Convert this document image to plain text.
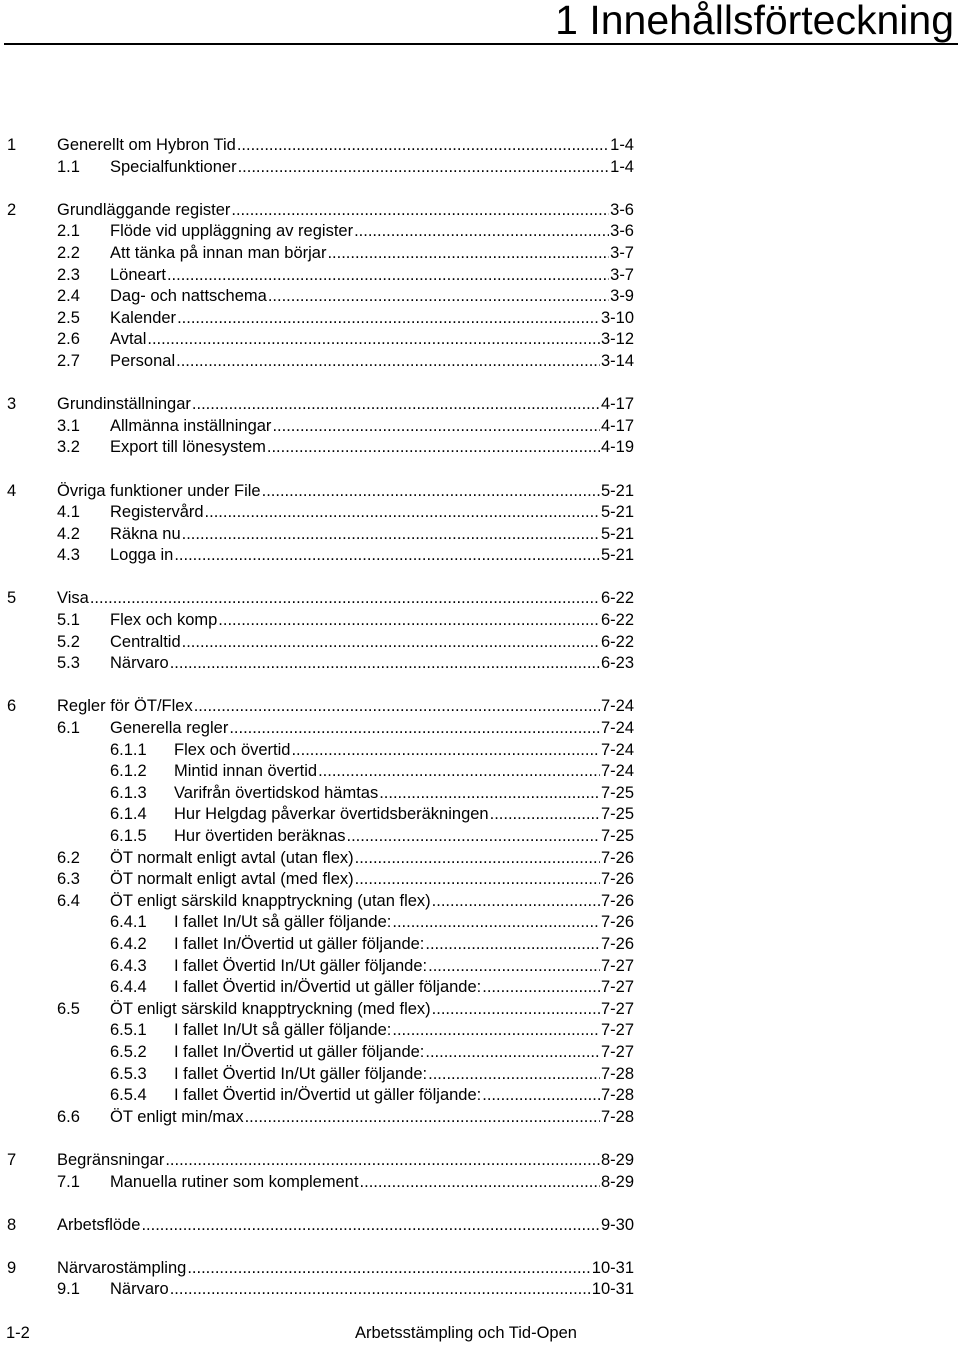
1 Innehållsförteckning
1 Generellt om Hybron Tid .....	1-4
1.1 Specialfunktioner .....	1-4
2 Grundläggande register .....	3-6
2.1 Flöde vid uppläggning av register .....	3-6
2.2 Att tänka på innan man börjar .....	3-7
2.3 Löneart .....	3-7
2.4 Dag- och nattschema .....	3-9
2.5 Kalender .....	3-10
2.6 Avtal .....	3-12
2.7 Personal .....	3-14
3 Grundinställningar .....	4-17
3.1 Allmänna inställningar .....	4-17
3.2 Export till lönesystem .....	4-19
4 Övriga funktioner under File .....	5-21
4.1 Registervård .....	5-21
4.2 Räkna nu .....	5-21
4.3 Logga in .....	5-21
5 Visa .....	6-22
5.1 Flex och komp .....	6-22
5.2 Centraltid .....	6-22
5.3 Närvaro .....	6-23
6 Regler för ÖT/Flex .....	7-24
6.1 Generella regler .....	7-24
6.1.1 Flex och övertid .....	7-24
6.1.2 Mintid innan övertid .....	7-24
6.1.3 Varifrån övertidskod hämtas .....	7-25
6.1.4 Hur Helgdag påverkar övertidsberäkningen .....	7-25
6.1.5 Hur övertiden beräknas .....	7-25
6.2 ÖT normalt enligt avtal (utan flex) .....	7-26
6.3 ÖT normalt enligt avtal (med flex) .....	7-26
6.4 ÖT enligt särskild knapptryckning (utan flex) .....	7-26
6.4.1 I fallet In/Ut så gäller följande: .....	7-26
6.4.2 I fallet In/Övertid ut gäller följande: .....	7-26
6.4.3 I fallet Övertid In/Ut gäller följande: .....	7-27
6.4.4 I fallet Övertid in/Övertid ut gäller följande: .....	7-27
6.5 ÖT enligt särskild knapptryckning (med flex) .....	7-27
6.5.1 I fallet In/Ut så gäller följande: .....	7-27
6.5.2 I fallet In/Övertid ut gäller följande: .....	7-27
6.5.3 I fallet Övertid In/Ut gäller följande: .....	7-28
6.5.4 I fallet Övertid in/Övertid ut gäller följande: .....	7-28
6.6 ÖT enligt min/max .....	7-28
7 Begränsningar .....	8-29
7.1 Manuella rutiner som komplement .....	8-29
8 Arbetsflöde .....	9-30
9 Närvarostämpling .....	10-31
9.1 Närvaro .....	10-31
1-2	Arbetsstämpling och Tid-Open
